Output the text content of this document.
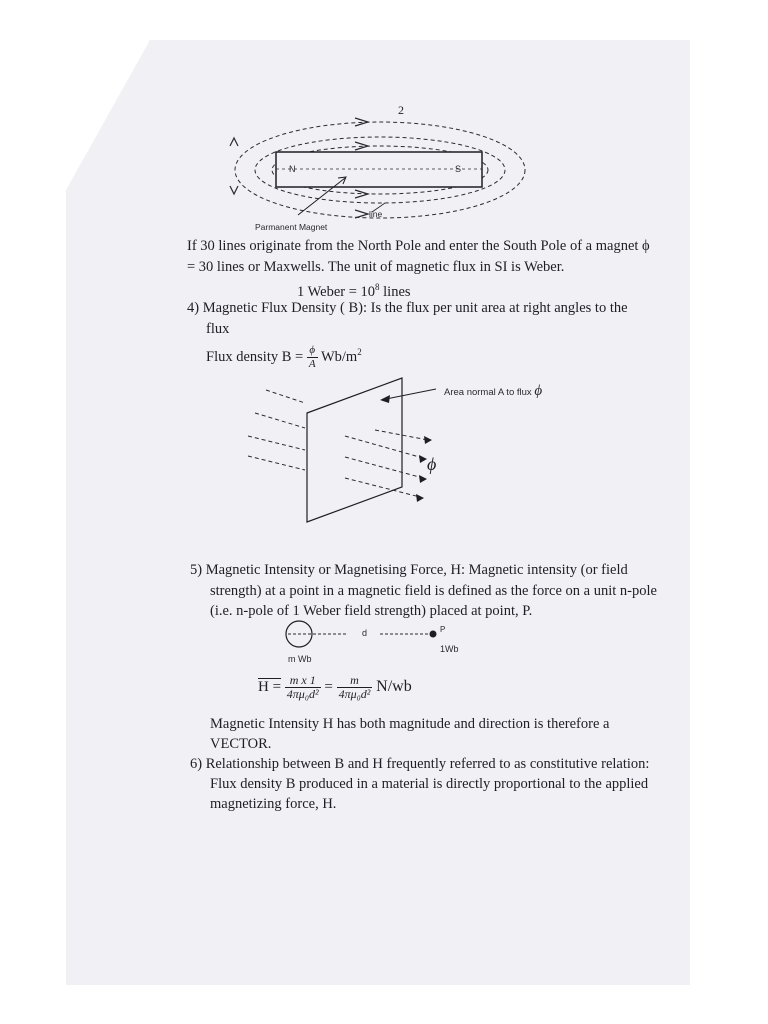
2
N	S
Parmanent Magnet
line
If 30 lines originate from the North Pole and enter the South Pole of a magnet ϕ
= 30 lines or Maxwells. The unit of magnetic flux in SI is Weber.
1 Weber = $10^8$ lines
4) Magnetic Flux Density ( B): Is the flux per unit area at right angles to the
flux
Flux density $B = \frac{\phi}{A} Wb/m^2$
Area normal A to flux ϕ
ϕ
5) Magnetic Intensity or Magnetising Force, H: Magnetic intensity (or field
strength) at a point in a magnetic field is defined as the force on a unit n-pole
(i.e. n-pole of 1 Weber field strength) placed at point, P.
d	P
m Wb
1Wb
$H = \frac{\text{m x 1}}{\text{4πμ₀d²}} = \frac{m}{\text{4πμ₀d²}} N/wb$
Magnetic Intensity H has both magnitude and direction is therefore a
VECTOR.
6) Relationship between B and H frequently referred to as constitutive relation:
Flux density B produced in a material is directly proportional to the applied
magnetizing force, H.
